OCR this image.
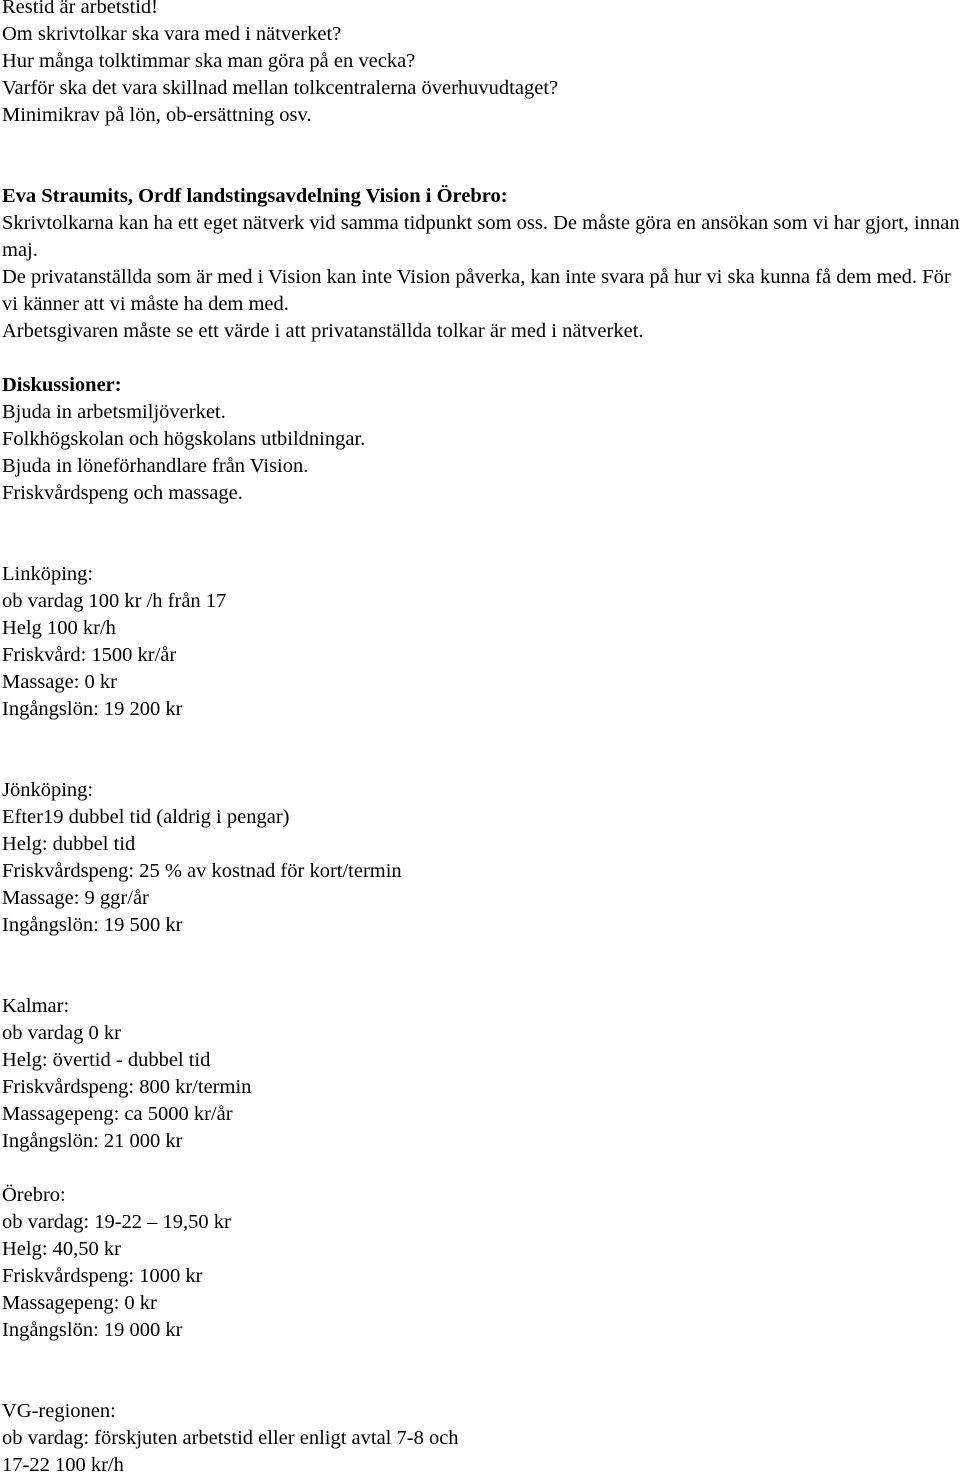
Restid är arbetstid!
Om skrivtolkar ska vara med i nätverket?
Hur många tolktimmar ska man göra på en vecka?
Varför ska det vara skillnad mellan tolkcentralerna överhuvudtaget?
Minimikrav på lön, ob-ersättning osv.
Eva Straumits, Ordf landstingsavdelning Vision i Örebro:
Skrivtolkarna kan ha ett eget nätverk vid samma tidpunkt som oss. De måste göra en ansökan som vi har gjort, innan maj.
De privatanställda som är med i Vision kan inte Vision påverka, kan inte svara på hur vi ska kunna få dem med. För vi känner att vi måste ha dem med.
Arbetsgivaren måste se ett värde i att privatanställda tolkar är med i nätverket.
Diskussioner:
Bjuda in arbetsmiljöverket.
Folkhögskolan och högskolans utbildningar.
Bjuda in löneförhandlare från Vision.
Friskvårdspeng och massage.
Linköping:
ob vardag 100 kr /h från 17
Helg 100 kr/h
Friskvård: 1500 kr/år
Massage: 0 kr
Ingångslön: 19 200 kr
Jönköping:
Efter19 dubbel tid (aldrig i pengar)
Helg: dubbel tid
Friskvårdspeng: 25 % av kostnad för kort/termin
Massage: 9 ggr/år
Ingångslön: 19 500 kr
Kalmar:
ob vardag 0 kr
Helg: övertid - dubbel tid
Friskvårdspeng: 800 kr/termin
Massagepeng: ca 5000 kr/år
Ingångslön: 21 000 kr
Örebro:
ob vardag: 19-22 – 19,50 kr
Helg: 40,50 kr
Friskvårdspeng: 1000 kr
Massagepeng: 0 kr
Ingångslön: 19 000 kr
VG-regionen:
ob vardag: förskjuten arbetstid eller enligt avtal 7-8 och
17-22 100 kr/h
